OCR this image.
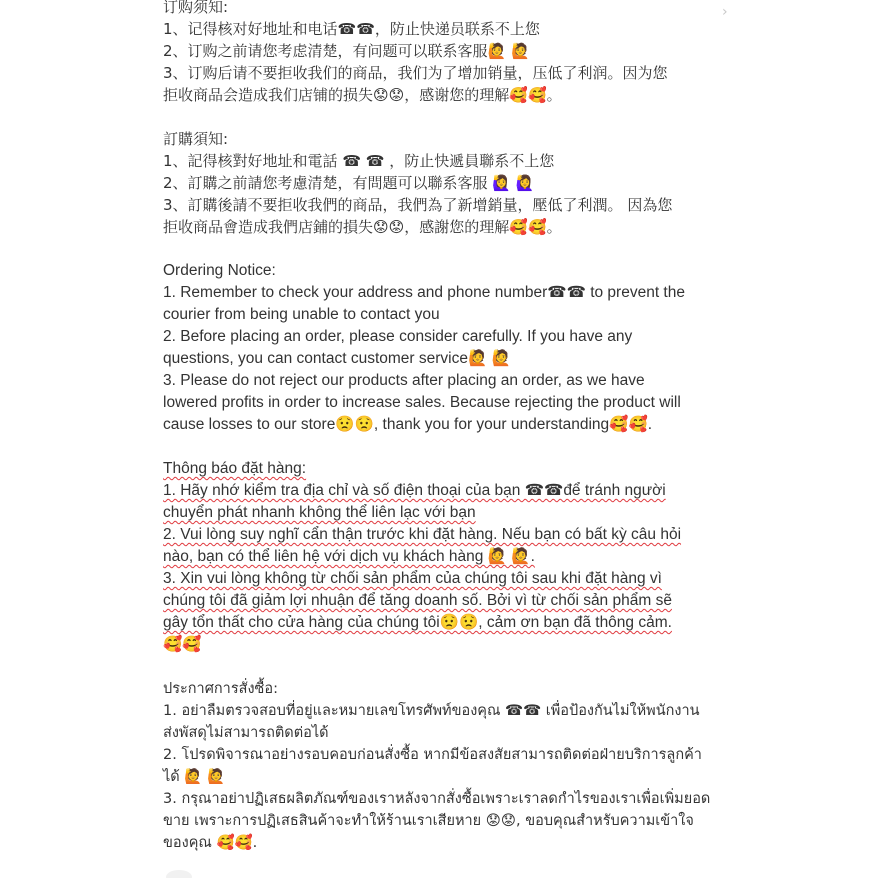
订购须知:
1、记得核对好地址和电话☎☎，防止快递员联系不上您
2、订购之前请您考虑清楚，有问题可以联系客服🙋 🙋
3、订购后请不要拒收我们的商品，我们为了增加销量，压低了利润。因为您
拒收商品会造成我们店铺的损失😟😟，感谢您的理解🥰🥰。
訂購須知:
1、記得核對好地址和電話 ☎ ☎ ，防止快遞員聯系不上您
2、訂購之前請您考慮清楚，有問題可以聯系客服 🙋‍♀ 🙋‍♀
3、訂購後請不要拒收我們的商品，我們為了新增銷量，壓低了利潤。 因為您
拒收商品會造成我們店鋪的損失😟😟，感謝您的理解🥰🥰。
Ordering Notice:
1. Remember to check your address and phone number☎☎ to prevent the
courier from being unable to contact you
2. Before placing an order, please consider carefully. If you have any
questions, you can contact customer service🙋 🙋
3. Please do not reject our products after placing an order, as we have
lowered profits in order to increase sales. Because rejecting the product will
cause losses to our store😟😟, thank you for your understanding🥰🥰.
Thông báo đặt hàng:
1. Hãy nhớ kiểm tra địa chỉ và số điện thoại của bạn ☎☎để tránh người
chuyển phát nhanh không thể liên lạc với bạn
2. Vui lòng suy nghĩ cẩn thận trước khi đặt hàng. Nếu bạn có bất kỳ câu hỏi
nào, bạn có thể liên hệ với dịch vụ khách hàng 🙋 🙋.
3. Xin vui lòng không từ chối sản phẩm của chúng tôi sau khi đặt hàng vì
chúng tôi đã giảm lợi nhuận để tăng doanh số. Bởi vì từ chối sản phẩm sẽ
gây tổn thất cho cửa hàng của chúng tôi😟😟, cảm ơn bạn đã thông cảm.
🥰🥰
ประกาศการสั่งซื้อ:
1. อย่าลืมตรวจสอบที่อยู่และหมายเลขโทรศัพท์ของคุณ ☎☎ เพื่อป้องกันไม่ให้พนักงาน
ส่งพัสดุไม่สามารถติดต่อได้
2. โปรดพิจารณาอย่างรอบคอบก่อนสั่งซื้อ หากมีข้อสงสัยสามารถติดต่อฝ่ายบริการลูกค้า
ได้ 🙋 🙋
3. กรุณาอย่าปฏิเสธผลิตภัณฑ์ของเราหลังจากสั่งซื้อเพราะเราลดกำไรของเราเพื่อเพิ่มยอด
ขาย เพราะการปฏิเสธสินค้าจะทำให้ร้านเราเสียหาย 😟😟, ขอบคุณสำหรับความเข้าใจ
ของคุณ 🥰🥰.
›
